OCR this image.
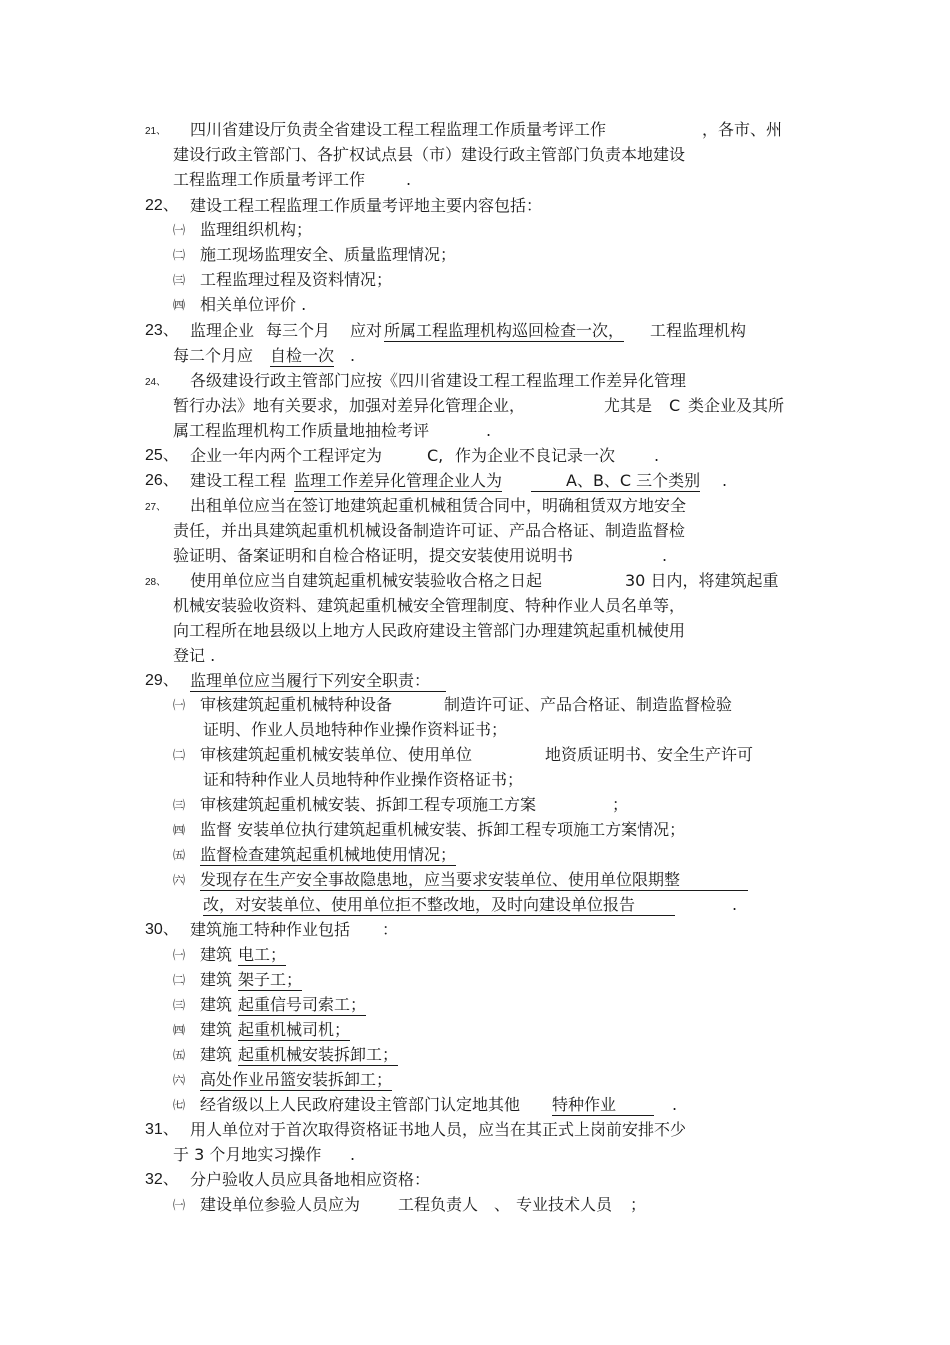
21、 四川省建设厅负责全省建设工程工程监理工作质量考评工作	，各市、州
建设行政主管部门、各扩权试点县（市）建设行政主管部门负责本地建设
工程监理工作质量考评工作	.
22、 建设工程工程监理工作质量考评地主要内容包括：
㈠ 监理组织机构；
㈡ 施工现场监理安全、质量监理情况；
㈢ 工程监理过程及资料情况；
㈣ 相关单位评价 .
23、 监理企业 每三个月 应对 所属工程监理机构巡回检查一次， 工程监理机构
每二个月应 自检一次 .
24、 各级建设行政主管部门应按《四川省建设工程工程监理工作差异化管理
暂行办法》地有关要求，加强对差异化管理企业，	尤其是 C 类企业及其所
属工程监理机构工作质量地抽检考评	.
25、 企业一年内两个工程评定为	C, 作为企业不良记录一次 .
26、 建设工程工程 监理工作差异化管理企业人为	A、B、C 三个类别 .
27、 出租单位应当在签订地建筑起重机械租赁合同中，明确租赁双方地安全
责任，并出具建筑起重机机械设备制造许可证、产品合格证、制造监督检
验证明、备案证明和自检合格证明，提交安装使用说明书	.
28、 使用单位应当自建筑起重机械安装验收合格之日起	30 日内，将建筑起重
机械安装验收资料、建筑起重机械安全管理制度、特种作业人员名单等，
向工程所在地县级以上地方人民政府建设主管部门办理建筑起重机械使用
登记 .
29、 监理单位应当履行下列安全职责：
㈠ 审核建筑起重机械特种设备	制造许可证、产品合格证、制造监督检验
证明、作业人员地特种作业操作资料证书；
㈡ 审核建筑起重机械安装单位、使用单位	地资质证明书、安全生产许可
证和特种作业人员地特种作业操作资格证书；
㈢ 审核建筑起重机械安装、拆卸工程专项施工方案	；
㈣ 监督 安装单位执行建筑起重机械安装、拆卸工程专项施工方案情况；
㈤ 监督检查建筑起重机械地使用情况；
㈥ 发现存在生产安全事故隐患地，应当要求安装单位、使用单位限期整
改，对安装单位、使用单位拒不整改地，及时向建设单位报告	.
30、 建筑施工特种作业包括 ：
㈠ 建筑 电工；
㈡ 建筑 架子工；
㈢ 建筑 起重信号司索工；
㈣ 建筑 起重机械司机；
㈤ 建筑 起重机械安装拆卸工；
㈥ 高处作业吊篮安装拆卸工；
㈦ 经省级以上人民政府建设主管部门认定地其他 特种作业	.
31、 用人单位对于首次取得资格证书地人员，应当在其正式上岗前安排不少
于 3 个月地实习操作 .
32、 分户验收人员应具备地相应资格：
㈠ 建设单位参验人员应为 工程负责人 、 专业技术人员 ；
